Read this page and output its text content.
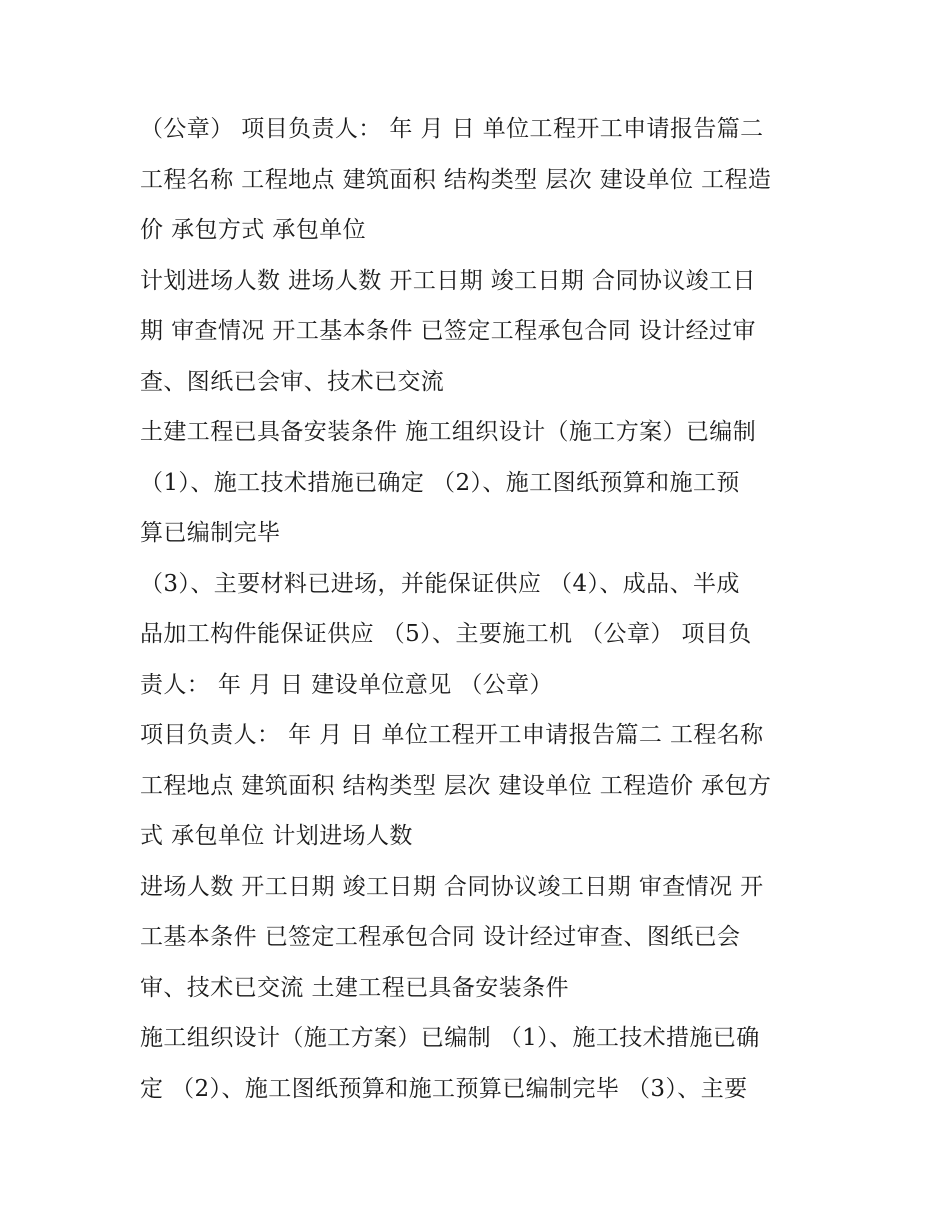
（公章） 项目负责人： 年 月 日 单位工程开工申请报告篇二
工程名称 工程地点 建筑面积 结构类型 层次 建设单位 工程造
价 承包方式 承包单位

计划进场人数 进场人数 开工日期 竣工日期 合同协议竣工日
期 审查情况 开工基本条件 已签定工程承包合同 设计经过审
查、图纸已会审、技术已交流

土建工程已具备安装条件 施工组织设计（施工方案）已编制
（1）、施工技术措施已确定 （2）、施工图纸预算和施工预
算已编制完毕

（3）、主要材料已进场，并能保证供应 （4）、成品、半成
品加工构件能保证供应 （5）、主要施工机 （公章） 项目负
责人： 年 月 日 建设单位意见 （公章）

项目负责人： 年 月 日 单位工程开工申请报告篇二 工程名称
工程地点 建筑面积 结构类型 层次 建设单位 工程造价 承包方
式 承包单位 计划进场人数

进场人数 开工日期 竣工日期 合同协议竣工日期 审查情况 开
工基本条件 已签定工程承包合同 设计经过审查、图纸已会
审、技术已交流 土建工程已具备安装条件

施工组织设计（施工方案）已编制 （1）、施工技术措施已确
定 （2）、施工图纸预算和施工预算已编制完毕 （3）、主要
